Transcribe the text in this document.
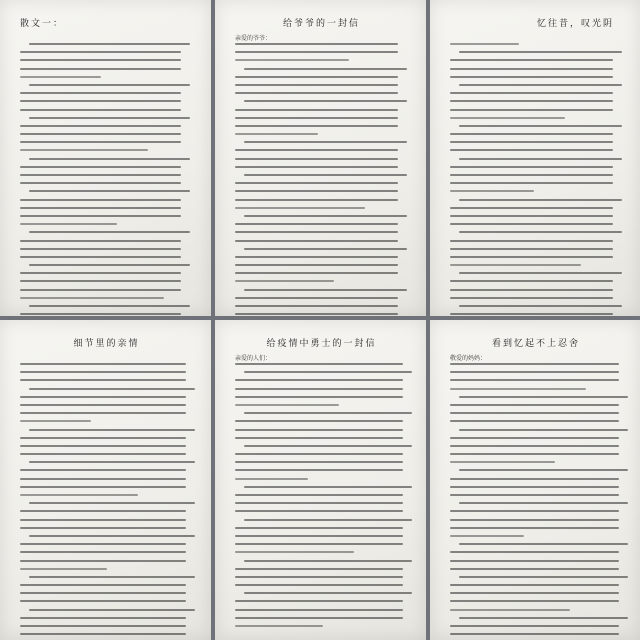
散文一：	给爷爷的一封信
亲爱的爷爷：
忆往昔，叹光阴
细节里的亲情	给疫情中勇士的一封信
亲爱的人们：
看到忆起不上忍舍
敬爱的妈妈：
